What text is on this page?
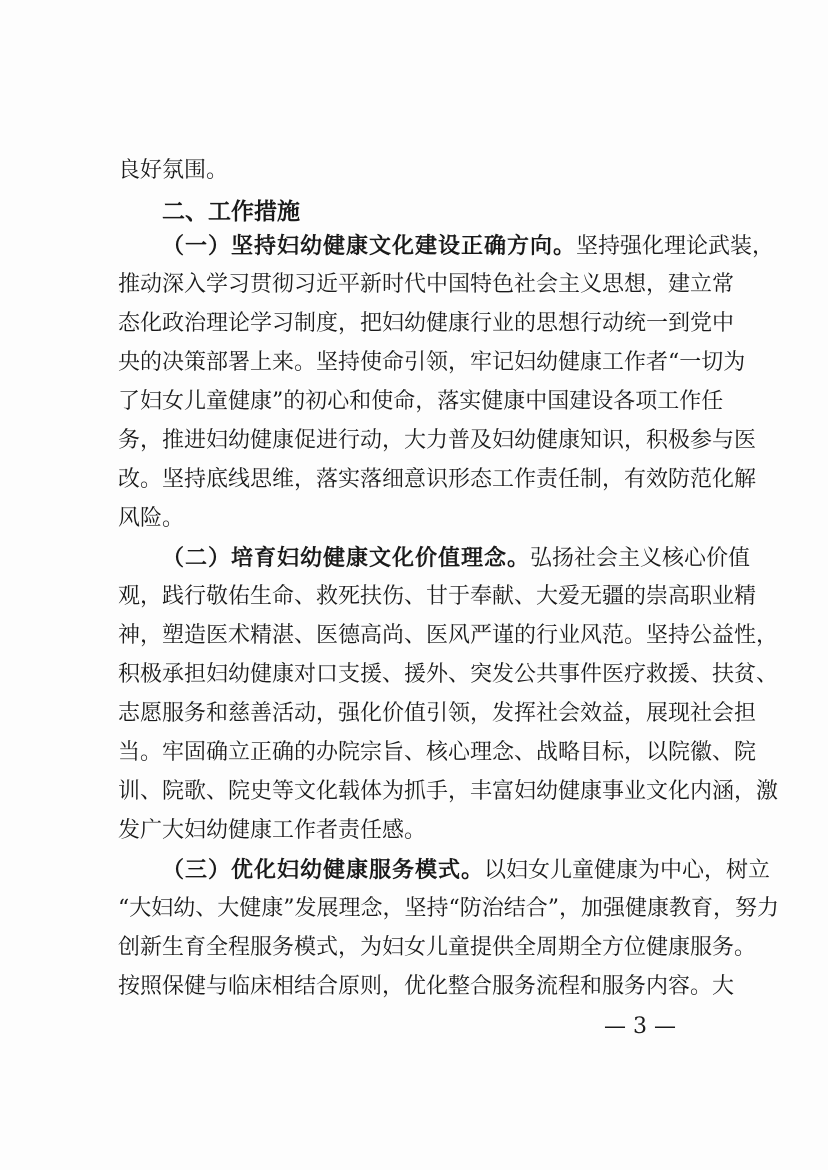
良好氛围。
二、工作措施
（一）坚持妇幼健康文化建设正确方向。坚持强化理论武装，
推动深入学习贯彻习近平新时代中国特色社会主义思想，建立常
态化政治理论学习制度，把妇幼健康行业的思想行动统一到党中
央的决策部署上来。坚持使命引领，牢记妇幼健康工作者“一切为
了妇女儿童健康”的初心和使命，落实健康中国建设各项工作任
务，推进妇幼健康促进行动，大力普及妇幼健康知识，积极参与医
改。坚持底线思维，落实落细意识形态工作责任制，有效防范化解
风险。
（二）培育妇幼健康文化价值理念。弘扬社会主义核心价值
观，践行敬佑生命、救死扶伤、甘于奉献、大爱无疆的崇高职业精
神，塑造医术精湛、医德高尚、医风严谨的行业风范。坚持公益性，
积极承担妇幼健康对口支援、援外、突发公共事件医疗救援、扶贫、
志愿服务和慈善活动，强化价值引领，发挥社会效益，展现社会担
当。牢固确立正确的办院宗旨、核心理念、战略目标，以院徽、院
训、院歌、院史等文化载体为抓手，丰富妇幼健康事业文化内涵，激
发广大妇幼健康工作者责任感。
（三）优化妇幼健康服务模式。以妇女儿童健康为中心，树立
“大妇幼、大健康”发展理念，坚持“防治结合”，加强健康教育，努力
创新生育全程服务模式，为妇女儿童提供全周期全方位健康服务。
按照保健与临床相结合原则，优化整合服务流程和服务内容。大
— 3 —
